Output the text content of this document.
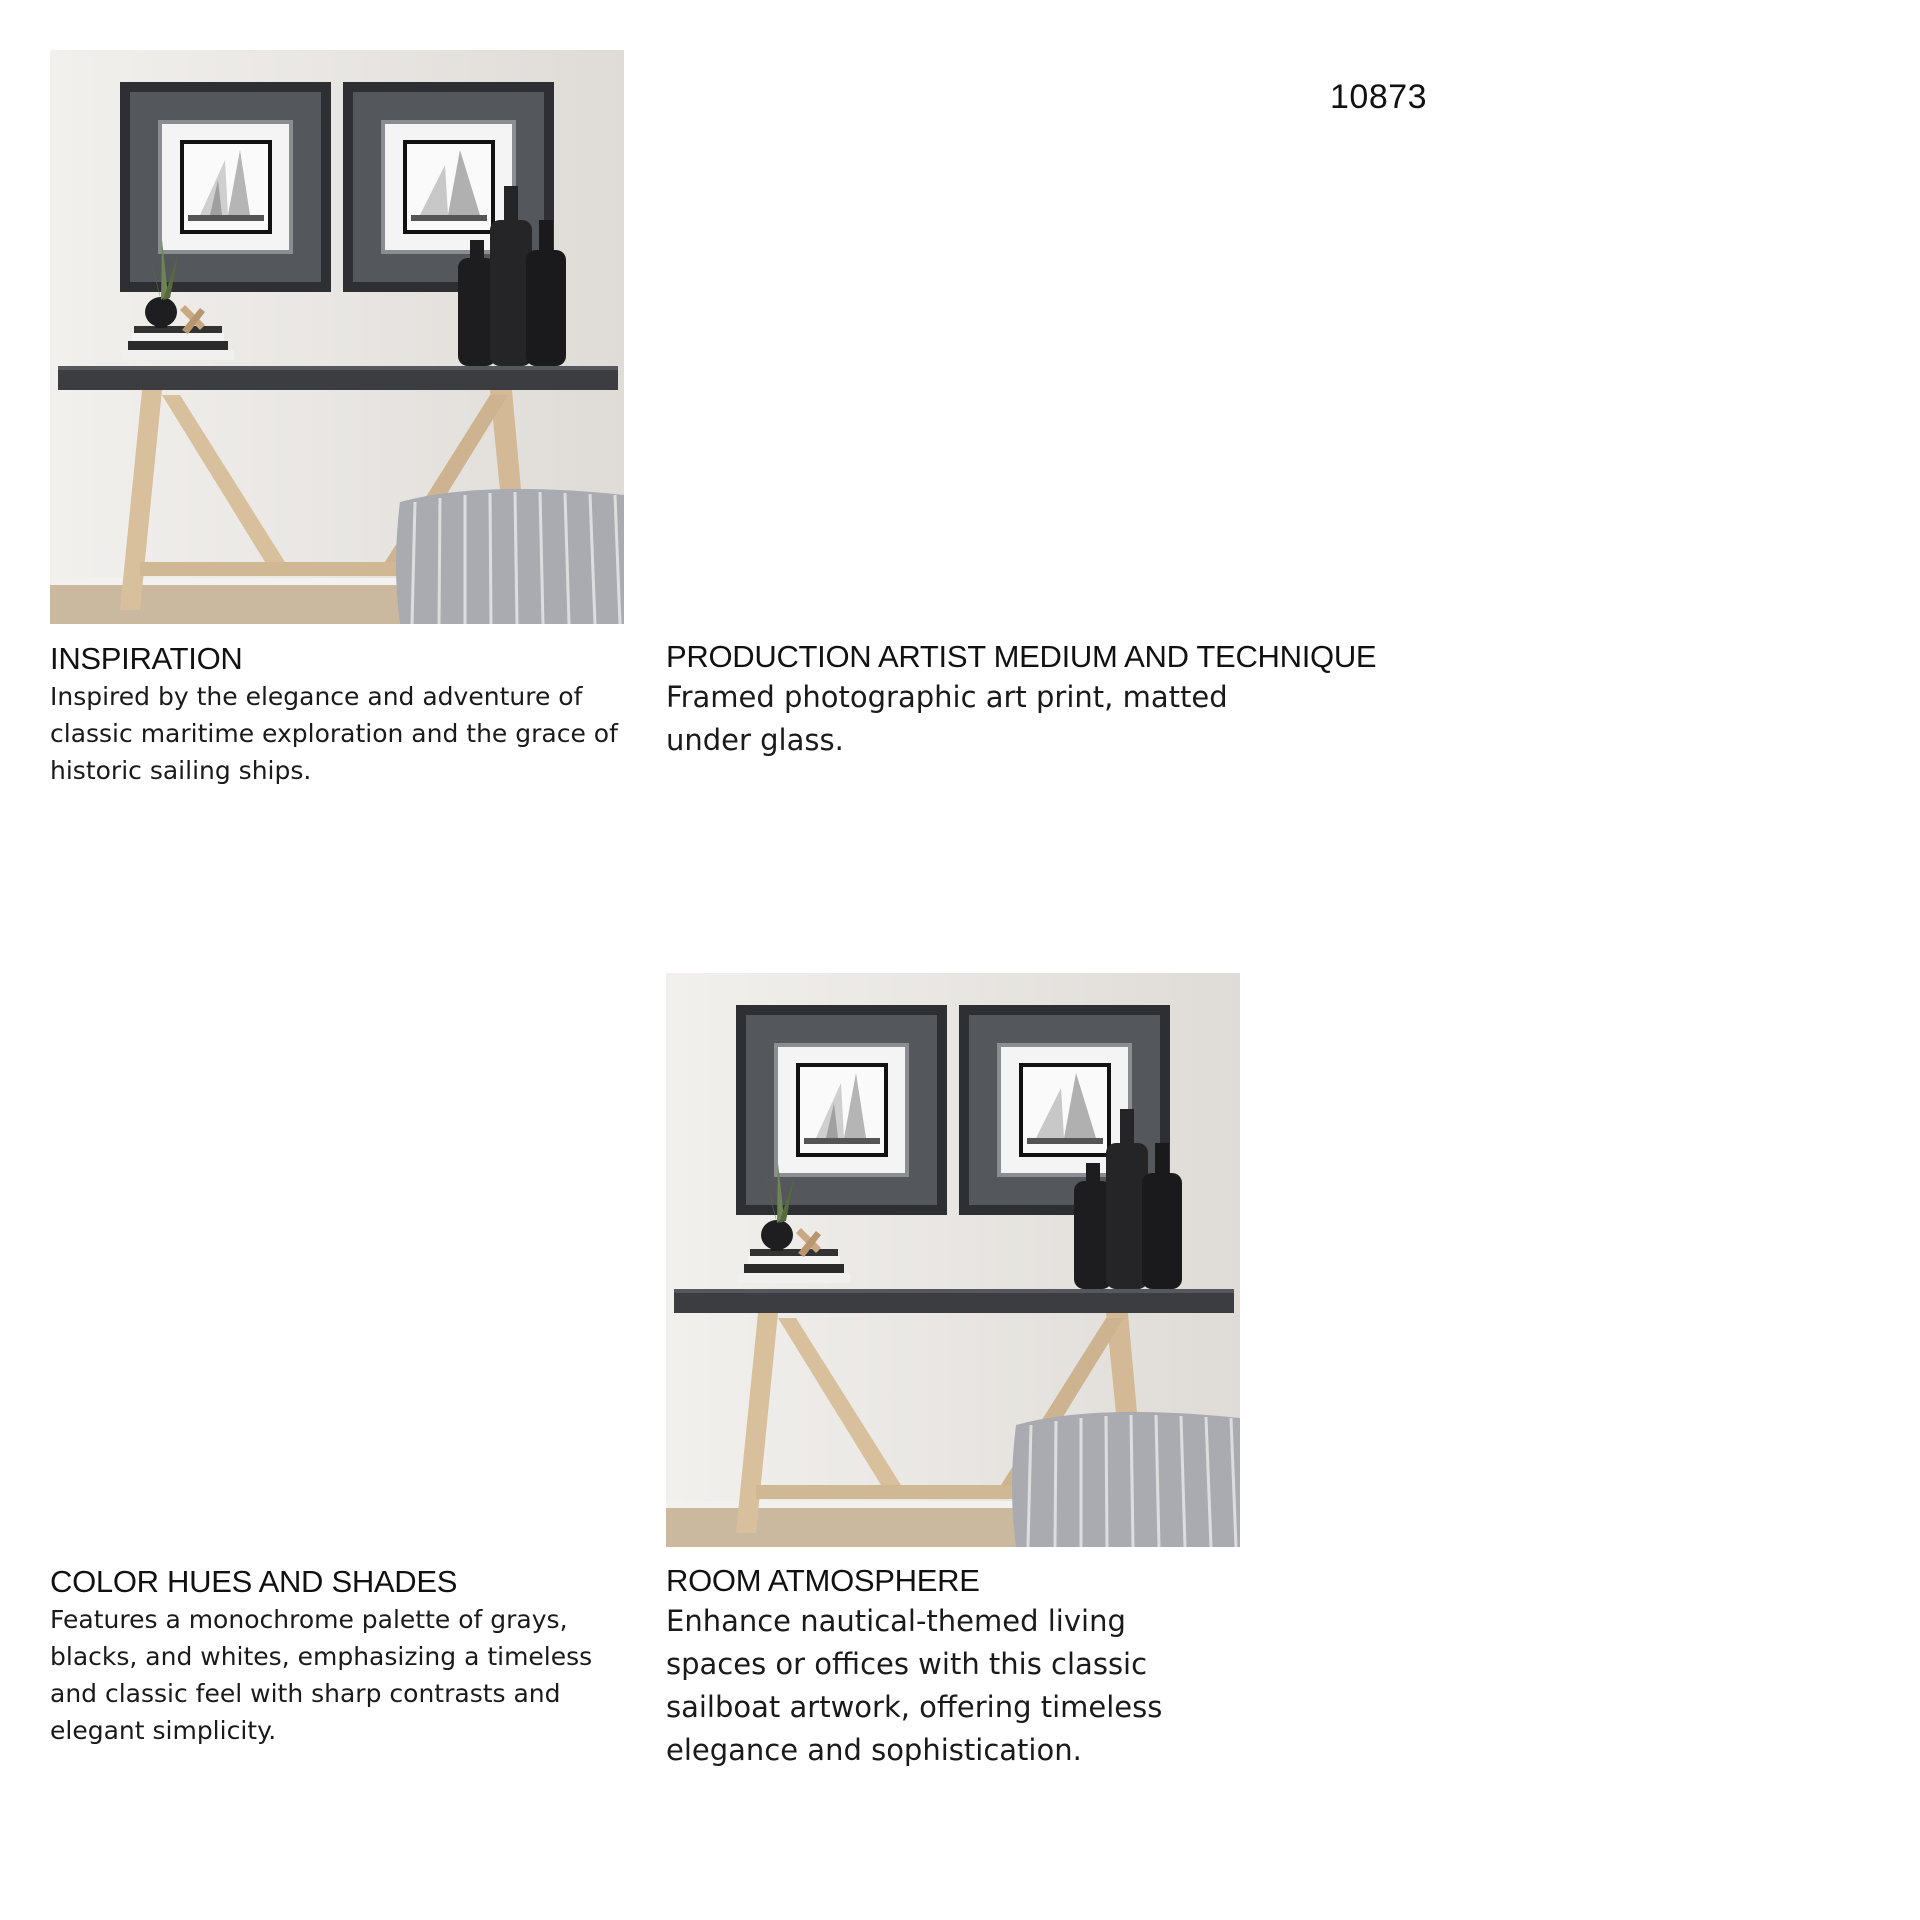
10873
INSPIRATION

Inspired by the elegance and adventure of classic maritime exploration and the grace of historic sailing ships.

PRODUCTION ARTIST MEDIUM AND TECHNIQUE

Framed photographic art print, matted under glass.

COLOR HUES AND SHADES

Features a monochrome palette of grays, blacks, and whites, emphasizing a timeless and classic feel with sharp contrasts and elegant simplicity.

ROOM ATMOSPHERE

Enhance nautical-themed living spaces or offices with this classic sailboat artwork, offering timeless elegance and sophistication.
